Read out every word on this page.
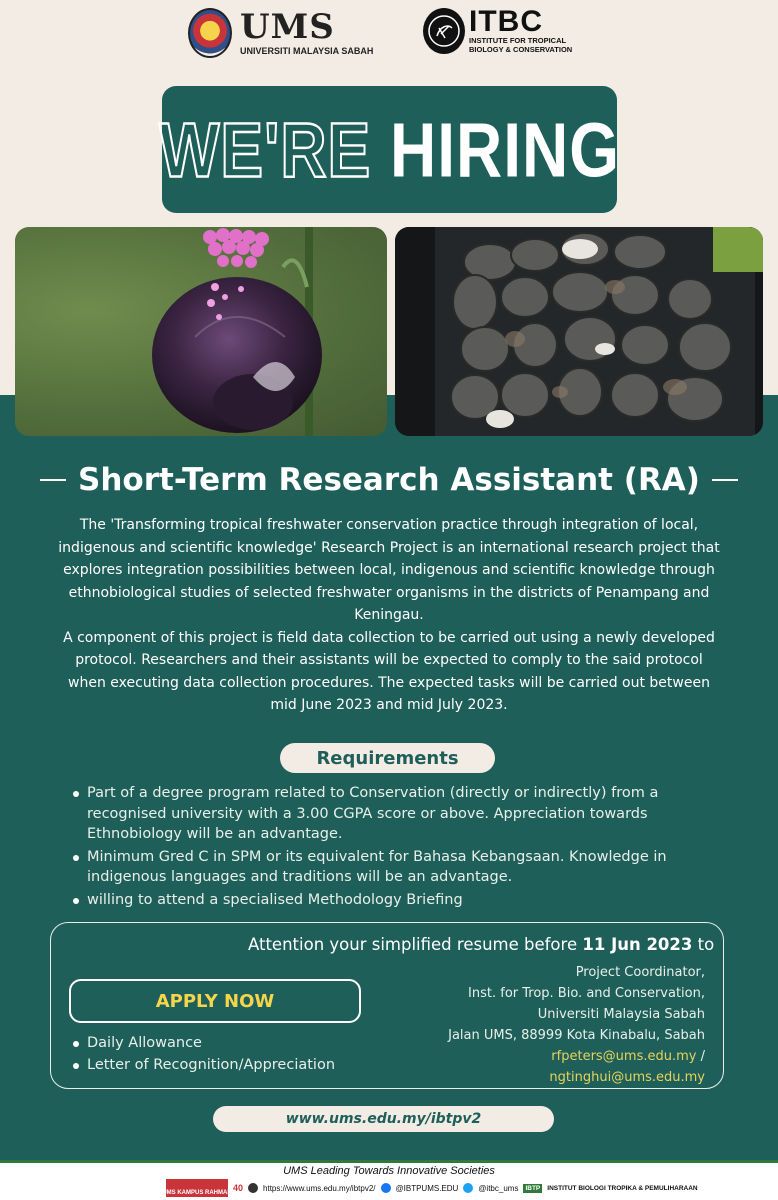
UMS
UNIVERSITI MALAYSIA SABAH
ITBC
INSTITUTE FOR TROPICAL
BIOLOGY & CONSERVATION
WE'RE HIRING
Short-Term Research Assistant (RA)

The 'Transforming tropical freshwater conservation practice through integration of local, indigenous and scientific knowledge' Research Project is an international research project that explores integration possibilities between local, indigenous and scientific knowledge through ethnobiological studies of selected freshwater organisms in the districts of Penampang and Keningau.

A component of this project is field data collection to be carried out using a newly developed protocol. Researchers and their assistants will be expected to comply to the said protocol when executing data collection procedures. The expected tasks will be carried out between mid June 2023 and mid July 2023.

Requirements
Part of a degree program related to Conservation (directly or indirectly) from a recognised university with a 3.00 CGPA score or above. Appreciation towards Ethnobiology will be an advantage.
Minimum Gred C in SPM or its equivalent for Bahasa Kebangsaan. Knowledge in indigenous languages and traditions will be an advantage.
willing to attend a specialised Methodology Briefing
Attention your simplified resume before 11 Jun 2023 to
APPLY NOW
Daily Allowance
Letter of Recognition/Appreciation
Project Coordinator,
Inst. for Trop. Bio. and Conservation,
Universiti Malaysia Sabah
Jalan UMS, 88999 Kota Kinabalu, Sabah
rfpeters@ums.edu.my /
ngtinghui@ums.edu.my
www.ums.edu.my/ibtpv2
UMS Leading Towards Innovative Societies
UMS KAMPUS RAHMAH 40	https://www.ums.edu.my/ibtpv2/	@IBTPUMS.EDU	@itbc_ums	IBTP	INSTITUT BIOLOGI TROPIKA & PEMULIHARAAN
